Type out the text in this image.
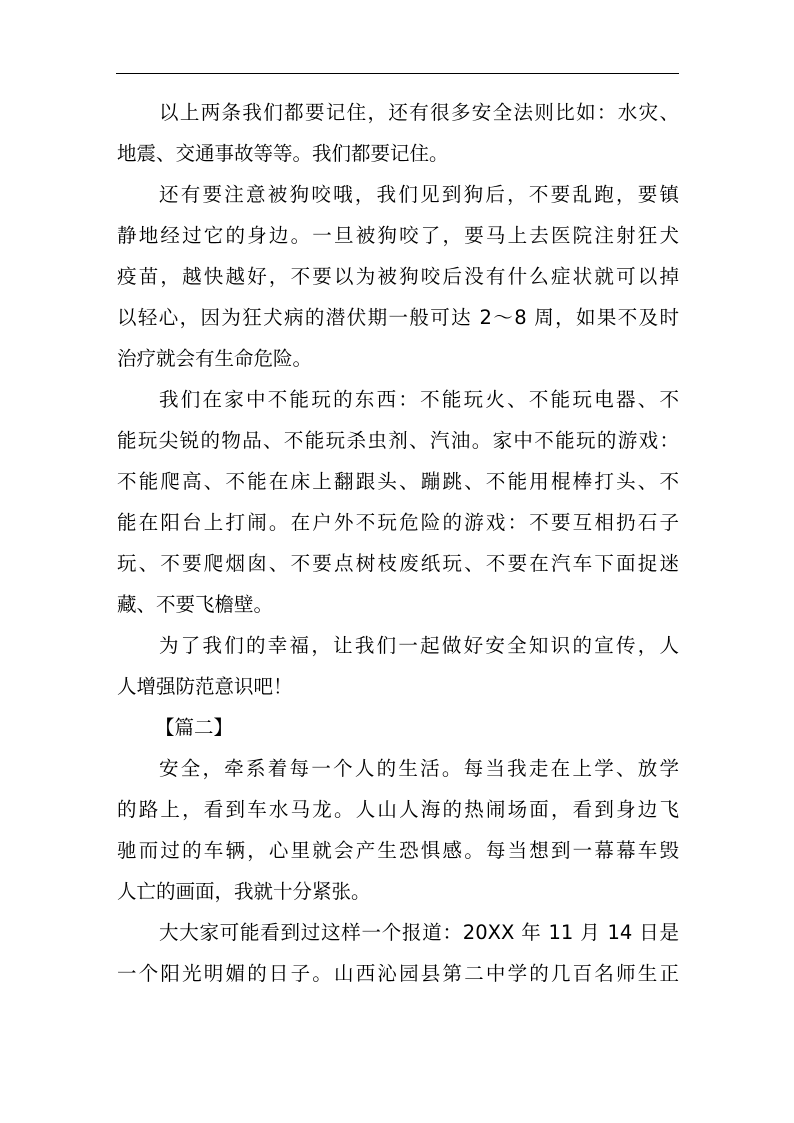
以上两条我们都要记住，还有很多安全法则比如：水灾、
地震、交通事故等等。我们都要记住。
还有要注意被狗咬哦，我们见到狗后，不要乱跑，要镇
静地经过它的身边。一旦被狗咬了，要马上去医院注射狂犬
疫苗，越快越好，不要以为被狗咬后没有什么症状就可以掉
以轻心，因为狂犬病的潜伏期一般可达 2～8 周，如果不及时
治疗就会有生命危险。
我们在家中不能玩的东西：不能玩火、不能玩电器、不
能玩尖锐的物品、不能玩杀虫剂、汽油。家中不能玩的游戏：
不能爬高、不能在床上翻跟头、蹦跳、不能用棍棒打头、不
能在阳台上打闹。在户外不玩危险的游戏：不要互相扔石子
玩、不要爬烟囱、不要点树枝废纸玩、不要在汽车下面捉迷
藏、不要飞檐壁。
为了我们的幸福，让我们一起做好安全知识的宣传，人
人增强防范意识吧！
【篇二】
安全，牵系着每一个人的生活。每当我走在上学、放学
的路上，看到车水马龙。人山人海的热闹场面，看到身边飞
驰而过的车辆，心里就会产生恐惧感。每当想到一幕幕车毁
人亡的画面，我就十分紧张。
大大家可能看到过这样一个报道：20XX 年 11 月 14 日是
一个阳光明媚的日子。山西沁园县第二中学的几百名师生正
